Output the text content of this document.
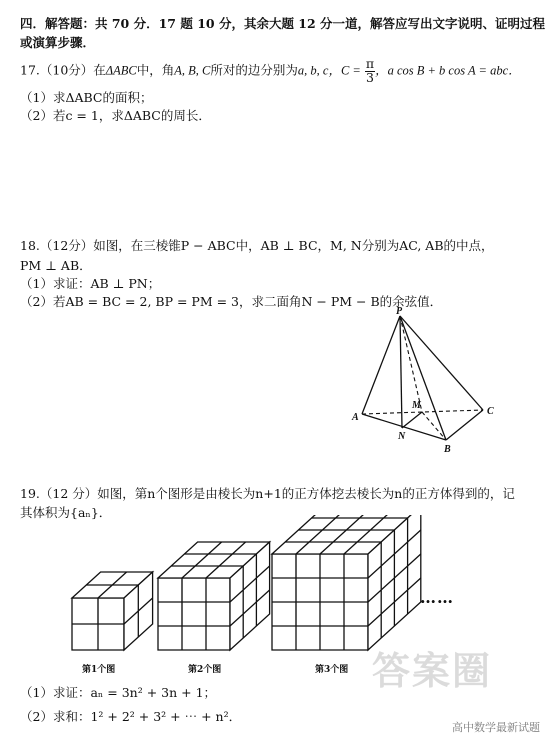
四．解答题：共 70 分．17 题 10 分，其余大题 12 分一道，解答应写出文字说明、证明过程
或演算步骤．
17.（10分）在ΔABC中，角A, B, C所对的边分别为a, b, c，$C = \frac{\pi}{3}$ ，a cos B + b cos A = abc．
（1）求ΔABC的面积；
（2）若c = 1，求ΔABC的周长．
18.（12分）如图，在三棱锥P − ABC中，AB ⊥ BC，M, N分别为AC, AB的中点，
PM ⊥ AB．
（1）求证：AB ⊥ PN；
（2）若AB = BC = 2, BP = PM = 3，求二面角N − PM − B的余弦值．
P
A
M
C
N
B
19.（12 分）如图，第n个图形是由棱长为n+1的正方体挖去棱长为n的正方体得到的，记
其体积为{aₙ}．
第1个图	第2个图	第3个图
……
（1）求证：aₙ = 3n² + 3n + 1；
（2）求和：1² + 2² + 3² + ⋯ + n²．
答案圈
高中数学最新试题
